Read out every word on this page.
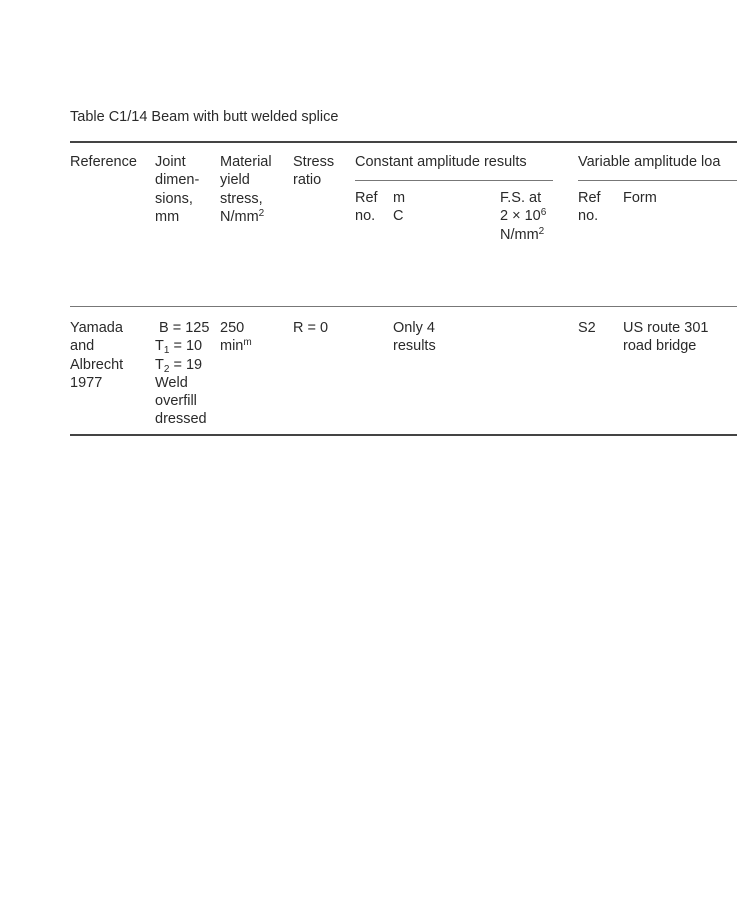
Table C1/14 Beam with butt welded splice
Reference Joint
dimen-
sions,
mm
Material
yield
stress,
$N/mm^2$
Stress
ratio
Constant amplitude results
Ref
no.
m
C
F.S. at
$2 \times 10^6$
$N/mm^2$
Variable amplitude loa
Ref
no.
Form
Yamada
and
Albrecht
1977
B = 125
$T_1 = 10$
$T_2 = 19$
Weld
overfill
dressed
250
$\min^m$
R = 0	Only 4
results
S2 US route 301
road bridge
